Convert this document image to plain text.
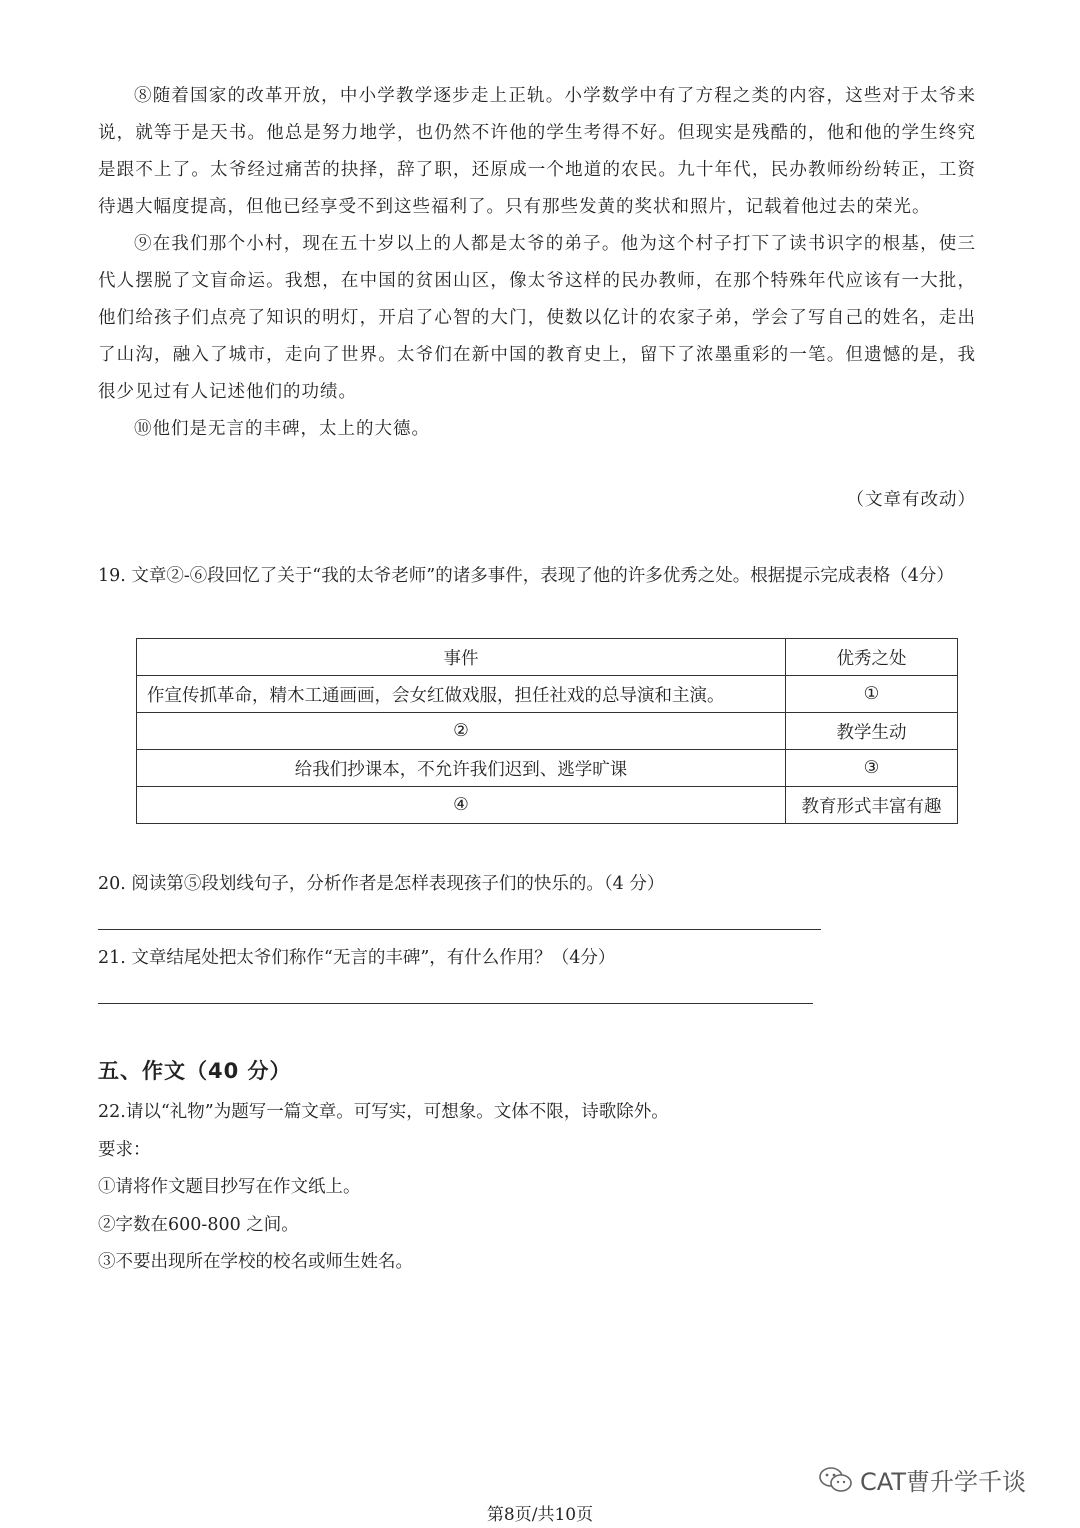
⑧随着国家的改革开放，中小学教学逐步走上正轨。小学数学中有了方程之类的内容，这些对于太爷来说，就等于是天书。他总是努力地学，也仍然不许他的学生考得不好。但现实是残酷的，他和他的学生终究是跟不上了。太爷经过痛苦的抉择，辞了职，还原成一个地道的农民。九十年代，民办教师纷纷转正，工资待遇大幅度提高，但他已经享受不到这些福利了。只有那些发黄的奖状和照片，记载着他过去的荣光。

⑨在我们那个小村，现在五十岁以上的人都是太爷的弟子。他为这个村子打下了读书识字的根基，使三代人摆脱了文盲命运。我想，在中国的贫困山区，像太爷这样的民办教师，在那个特殊年代应该有一大批，他们给孩子们点亮了知识的明灯，开启了心智的大门，使数以亿计的农家子弟，学会了写自己的姓名，走出了山沟，融入了城市，走向了世界。太爷们在新中国的教育史上，留下了浓墨重彩的一笔。但遗憾的是，我很少见过有人记述他们的功绩。

⑩他们是无言的丰碑，太上的大德。

（文章有改动）
19. 文章②-⑥段回忆了关于“我的太爷老师”的诸多事件，表现了他的许多优秀之处。根据提示完成表格（4分）
事件	优秀之处
作宣传抓革命，精木工通画画，会女红做戏服，担任社戏的总导演和主演。	①
②	教学生动
给我们抄课本，不允许我们迟到、逃学旷课	③
④	教育形式丰富有趣
20. 阅读第⑤段划线句子，分析作者是怎样表现孩子们的快乐的。（4 分）
21. 文章结尾处把太爷们称作“无言的丰碑”，有什么作用？（4分）
五、作文（40 分）
22.请以“礼物”为题写一篇文章。可写实，可想象。文体不限，诗歌除外。
要求：
①请将作文题目抄写在作文纸上。
②字数在600-800 之间。
③不要出现所在学校的校名或师生姓名。
CAT曹升学千谈
第8页/共10页
